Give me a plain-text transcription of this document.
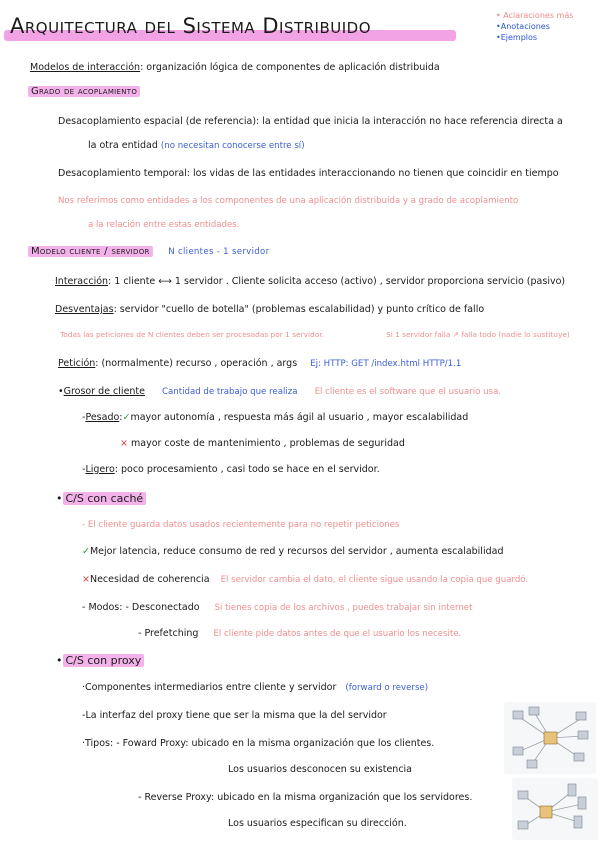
Arquitectura del Sistema Distribuido	• Aclaraciones más
•Anotaciones
•Ejemplos
Modelos de interacción: organización lógica de componentes de aplicación distribuida
Grado de acoplamiento
Desacoplamiento espacial (de referencia): la entidad que inicia la interacción no hace referencia directa a
la otra entidad (no necesitan conocerse entre sí)
Desacoplamiento temporal: los vidas de las entidades interaccionando no tienen que coincidir en tiempo
Nos referimos como entidades a los componentes de una aplicación distribuida y a grado de acoplamiento
a la relación entre estas entidades.
Modelo cliente / servidor N clientes - 1 servidor
Interacción: 1 cliente ⟷ 1 servidor . Cliente solicita acceso (activo) , servidor proporciona servicio (pasivo)
Desventajas: servidor "cuello de botella" (problemas escalabilidad) y punto crítico de fallo
Todas las peticiones de N clientes deben ser procesadas por 1 servidor.	Si 1 servidor falla ↗ falla todo (nadie lo sustituye)
Petición: (normalmente) recurso , operación , args Ej: HTTP: GET /index.html HTTP/1.1
•Grosor de cliente Cantidad de trabajo que realiza El cliente es el software que el usuario usa.
-Pesado:✓mayor autonomía , respuesta más ágil al usuario , mayor escalabilidad
× mayor coste de mantenimiento , problemas de seguridad
-Ligero: poco procesamiento , casi todo se hace en el servidor.
• C/S con caché
- El cliente guarda datos usados recientemente para no repetir peticiones
✓Mejor latencia, reduce consumo de red y recursos del servidor , aumenta escalabilidad
×Necesidad de coherencia El servidor cambia el dato, el cliente sigue usando la copia que guardó.
- Modos: - Desconectado Si tienes copia de los archivos , puedes trabajar sin internet
- Prefetching El cliente pide datos antes de que el usuario los necesite.
• C/S con proxy
·Componentes intermediarios entre cliente y servidor (forward o reverse)
-La interfaz del proxy tiene que ser la misma que la del servidor
·Tipos: - Foward Proxy: ubicado en la misma organización que los clientes.
Los usuarios desconocen su existencia
- Reverse Proxy: ubicado en la misma organización que los servidores.
Los usuarios especifican su dirección.
